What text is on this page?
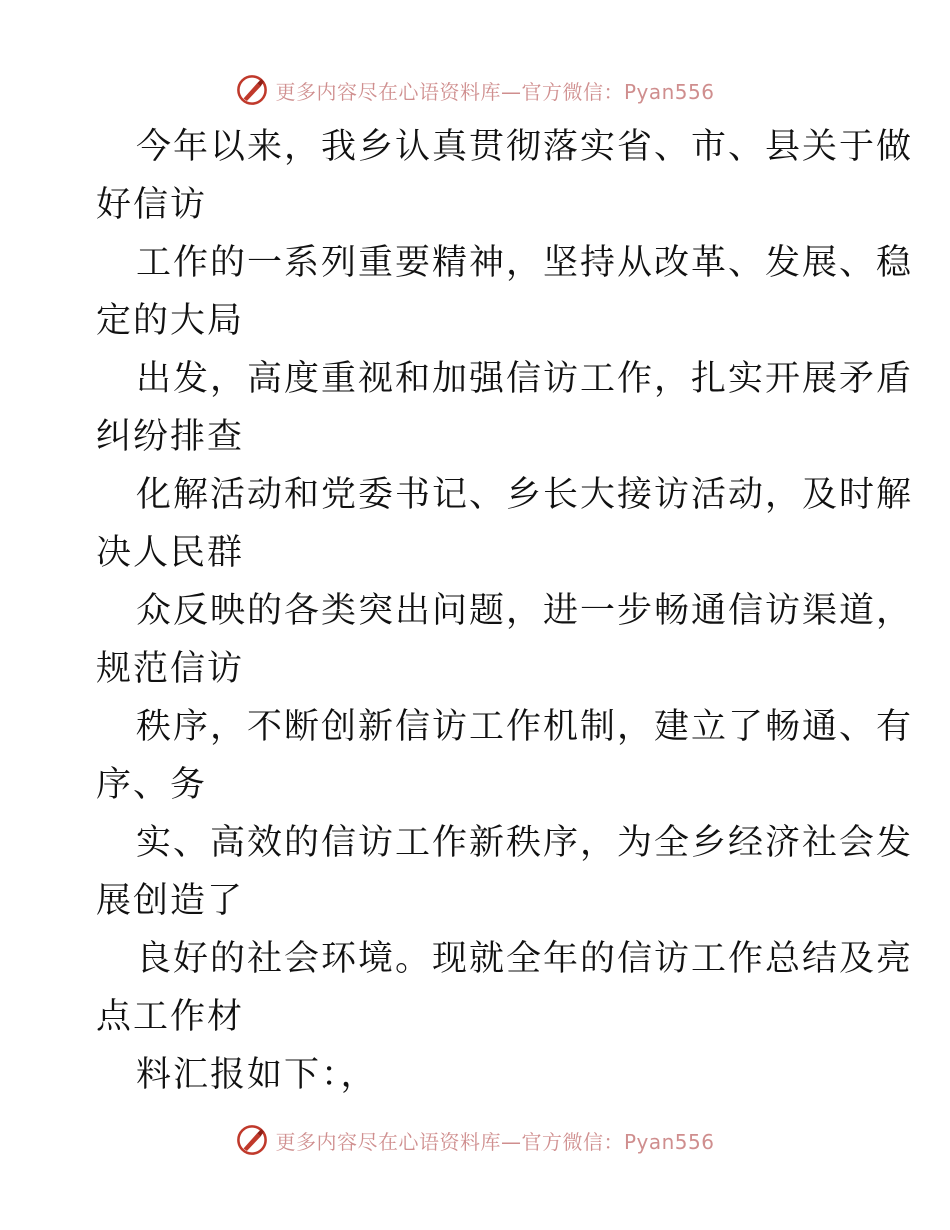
更多内容尽在心语资料库—官方微信：Pyan556
今年以来，我乡认真贯彻落实省、市、县关于做
好信访
工作的一系列重要精神，坚持从改革、发展、稳
定的大局
出发，高度重视和加强信访工作，扎实开展矛盾
纠纷排查
化解活动和党委书记、乡长大接访活动，及时解
决人民群
众反映的各类突出问题，进一步畅通信访渠道，
规范信访
秩序，不断创新信访工作机制，建立了畅通、有
序、务
实、高效的信访工作新秩序，为全乡经济社会发
展创造了
良好的社会环境。现就全年的信访工作总结及亮
点工作材
料汇报如下：，
更多内容尽在心语资料库—官方微信：Pyan556
